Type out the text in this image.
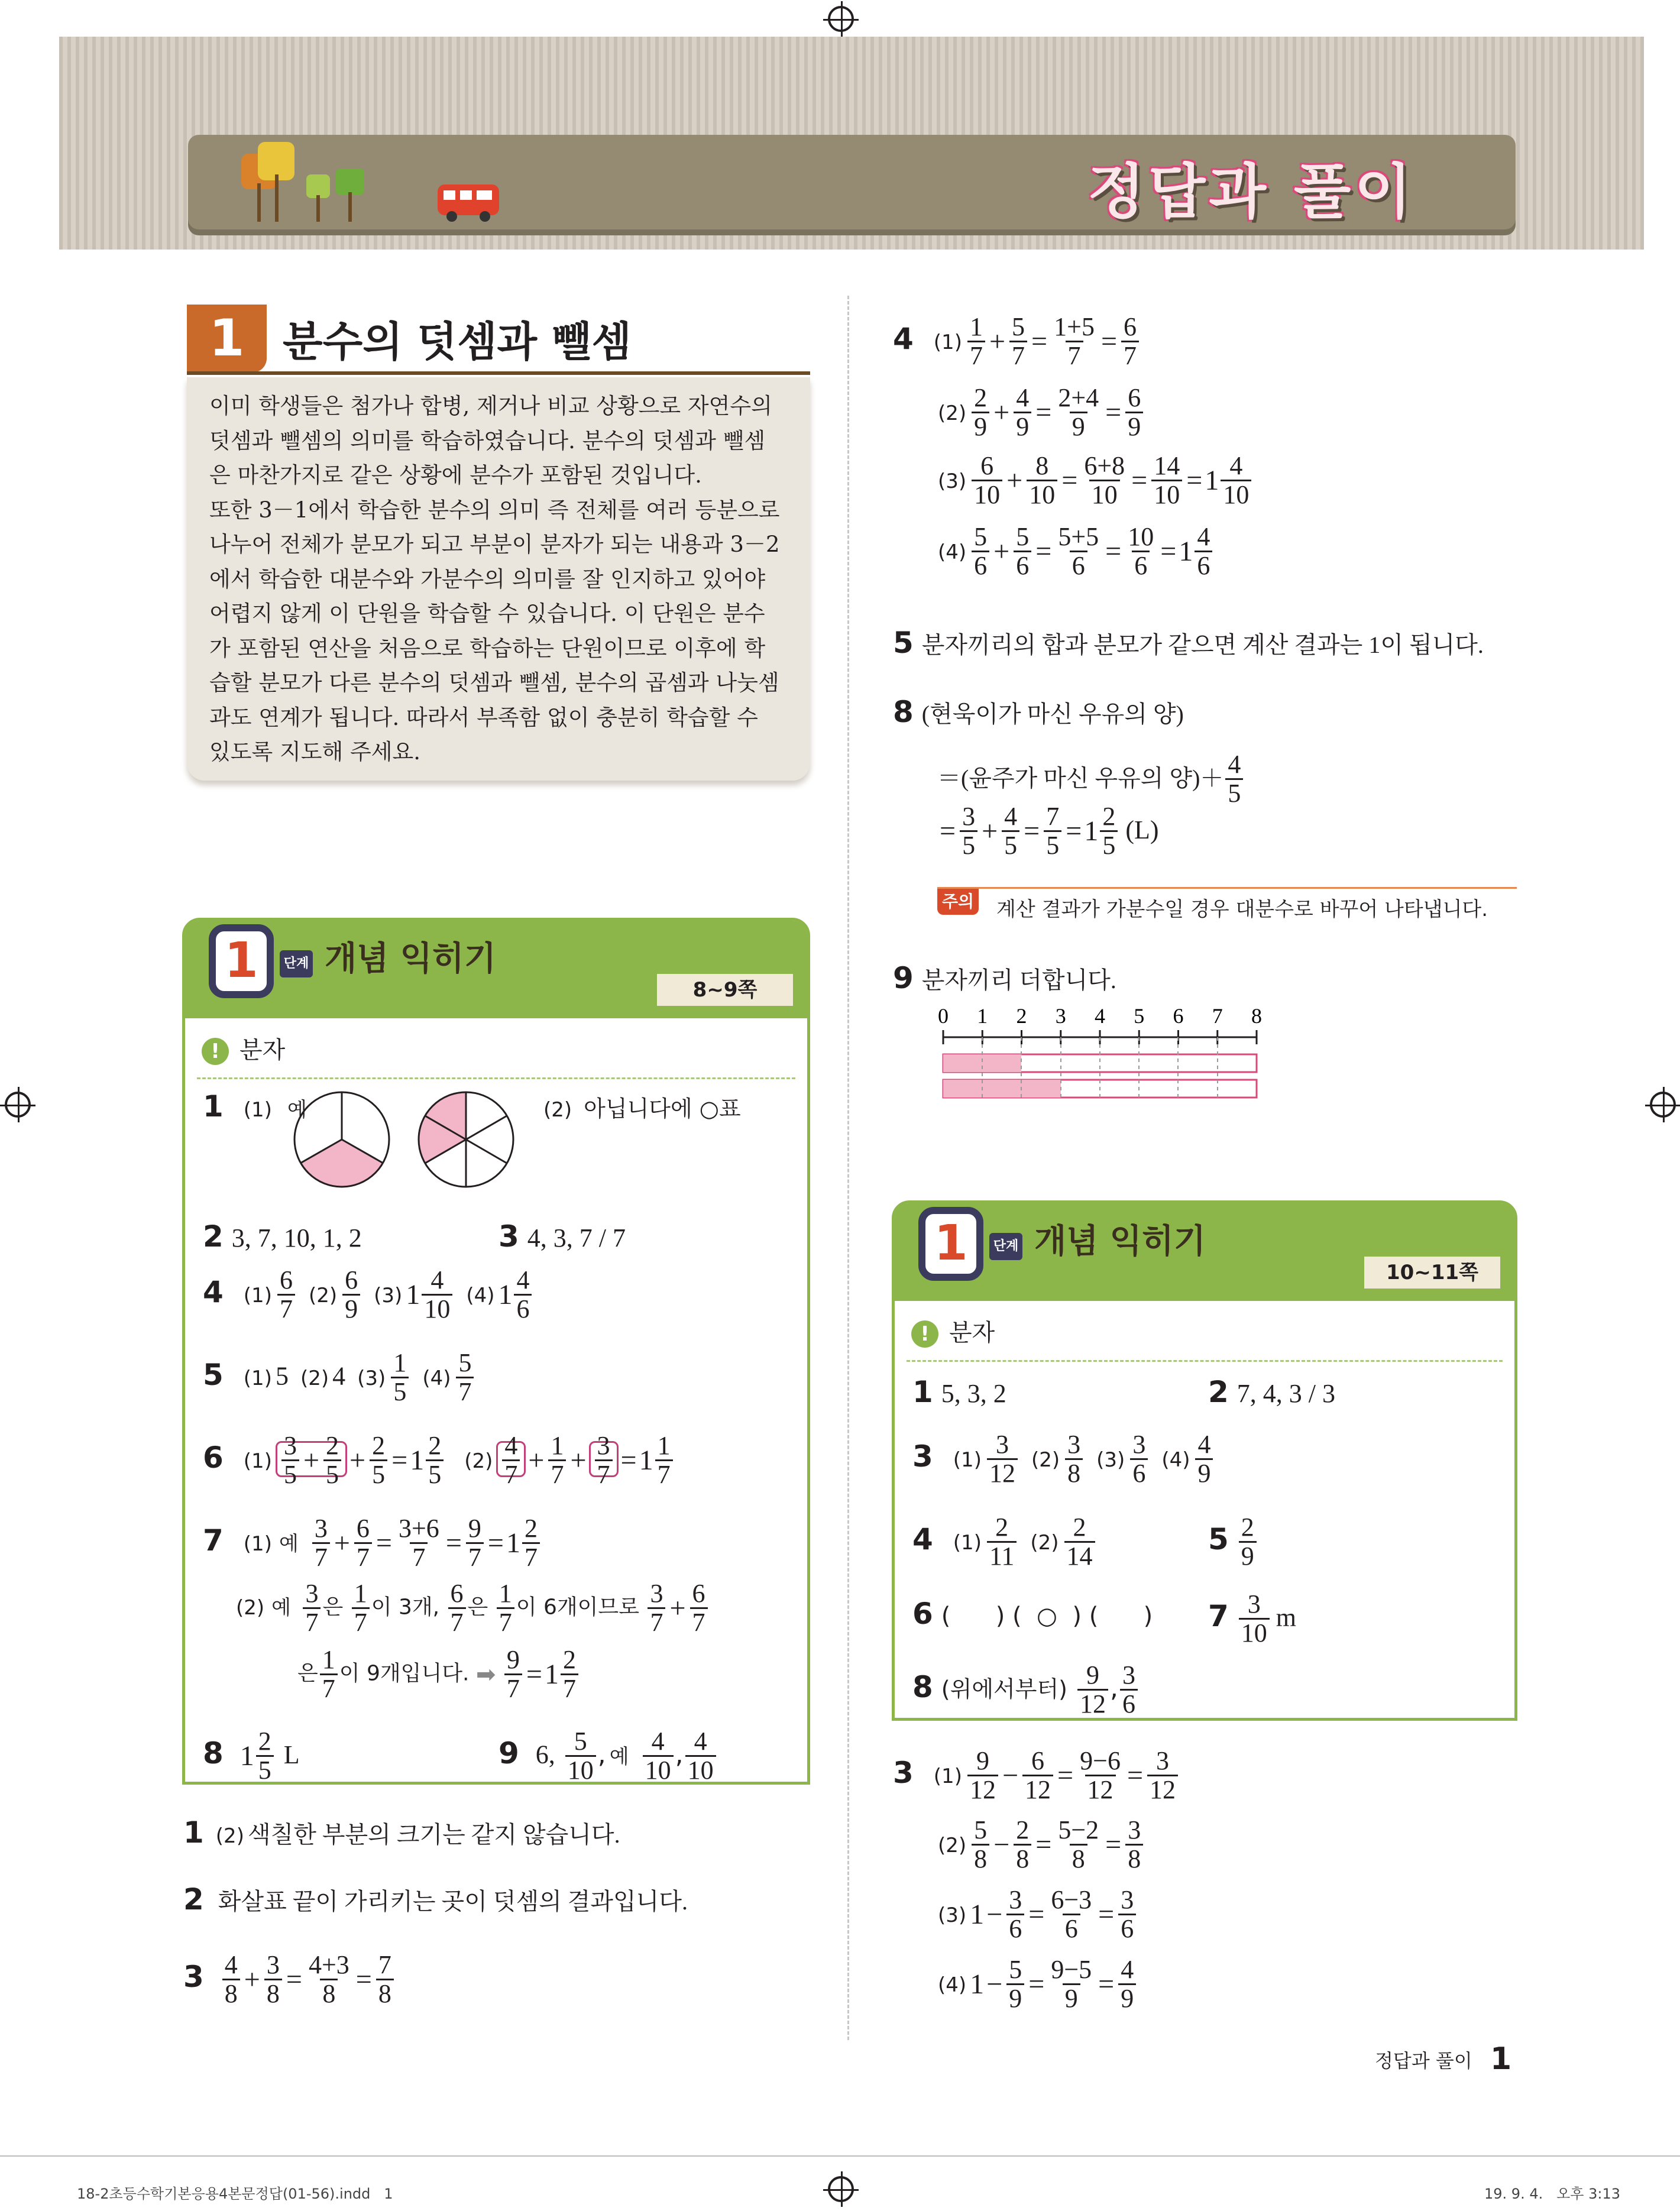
정답과 풀이
1 분수의 덧셈과 뺄셈
이미 학생들은 첨가나 합병, 제거나 비교 상황으로 자연수의
덧셈과 뺄셈의 의미를 학습하였습니다. 분수의 덧셈과 뺄셈
은 마찬가지로 같은 상황에 분수가 포함된 것입니다.
또한 3－1에서 학습한 분수의 의미 즉 전체를 여러 등분으로
나누어 전체가 분모가 되고 부분이 분자가 되는 내용과 3－2
에서 학습한 대분수와 가분수의 의미를 잘 인지하고 있어야
어렵지 않게 이 단원을 학습할 수 있습니다. 이 단원은 분수
가 포함된 연산을 처음으로 학습하는 단원이므로 이후에 학
습할 분모가 다른 분수의 덧셈과 뺄셈, 분수의 곱셈과 나눗셈
과도 연계가 됩니다. 따라서 부족함 없이 충분히 학습할 수
있도록 지도해 주세요.
1	단계 개념 익히기
8~9쪽
! 분자
1 (1) 예	(2) 아닙니다에 ○표
2 3, 7, 10, 1, 2	3 4, 3, 7 / 7
4 $(1) \frac{6}{7} (2) \frac{6}{9} (3)$ $1 \frac{4}{10} (4)$ $1 \frac{4}{6}$
5 (1) 5 (2) 4 $(3) \frac{1}{5} (4) \frac{5}{7}$
6 $(1) \frac{3}{5} + \frac{2}{5} + \frac{2}{5} =1 \frac{2}{5} (2) \frac{4}{7} + \frac{1}{7} + \frac{3}{7} =1 \frac{1}{7}$
7 (1) 예 $\frac{3}{7} + \frac{6}{7} = \frac{3+6}{7} = \frac{9}{7} =1 \frac{2}{7}$
(2) 예 $\frac{3}{7}$ 은 $\frac{1}{7}$ 이 3개, $\frac{6}{7}$ 은 $\frac{1}{7}$ 이 6개이므로 $\frac{3}{7} + \frac{6}{7}$
은 $\frac{1}{7}$ 이 9개입니다. ➡ $\frac{9}{7} =1 \frac{2}{7}$
8 $1 \frac{2}{5}$ L	9 6, $\frac{5}{10}$ , 예 $\frac{4}{10}$ , $\frac{4}{10}$
1 (2) 색칠한 부분의 크기는 같지 않습니다.
2 화살표 끝이 가리키는 곳이 덧셈의 결과입니다.
$3 \frac{4}{8} + \frac{3}{8} = \frac{4+3}{8} = \frac{7}{8}$
4 $(1) \frac{1}{7} + \frac{5}{7} = \frac{1+5}{7} = \frac{6}{7}$
$(2) \frac{2}{9} + \frac{4}{9} = \frac{2+4}{9} = \frac{6}{9}$
$(3) \frac{6}{10} + \frac{8}{10} = \frac{6+8}{10} = \frac{14}{10} =1 \frac{4}{10}$
$(4) \frac{5}{6} + \frac{5}{6} = \frac{5+5}{6} = \frac{10}{6} =1 \frac{4}{6}$
5 분자끼리의 합과 분모가 같으면 계산 결과는 1이 됩니다.
8 (현욱이가 마신 우유의 양)
＝(윤주가 마신 우유의 양)＋ $\frac{4}{5}$
= $\frac{3}{5} + \frac{4}{5} = \frac{7}{5} =1 \frac{2}{5} (L)$
주의 계산 결과가 가분수일 경우 대분수로 바꾸어 나타냅니다.
9 분자끼리 더합니다.
0 1 2 3 4 5 6 7 8
1	단계 개념 익히기
10~11쪽
! 분자
1 5, 3, 2	2 7, 4, 3 / 3
3 $(1) \frac{3}{12} (2) \frac{3}{8} (3) \frac{3}{6} (4) \frac{4}{9}$
4 $(1) \frac{2}{11} (2) \frac{2}{14}$	$5 \frac{2}{9}$
6 (      ) (  ○  ) (      ) $7 \frac{3}{10}$ m
8 (위에서부터) $\frac{9}{12}$ , $\frac{3}{6}$
3 $(1) \frac{9}{12} - \frac{6}{12} = \frac{9-6}{12} = \frac{3}{12}$
$(2) \frac{5}{8} - \frac{2}{8} = \frac{5-2}{8} = \frac{3}{8}$
(3) $1- \frac{3}{6} = \frac{6-3}{6} = \frac{3}{6}$
(4) $1- \frac{5}{9} = \frac{9-5}{9} = \frac{4}{9}$
정답과 풀이 1
18-2초등수학기본응용4본문정답(01-56).indd   1	19. 9. 4.   오후 3:13
